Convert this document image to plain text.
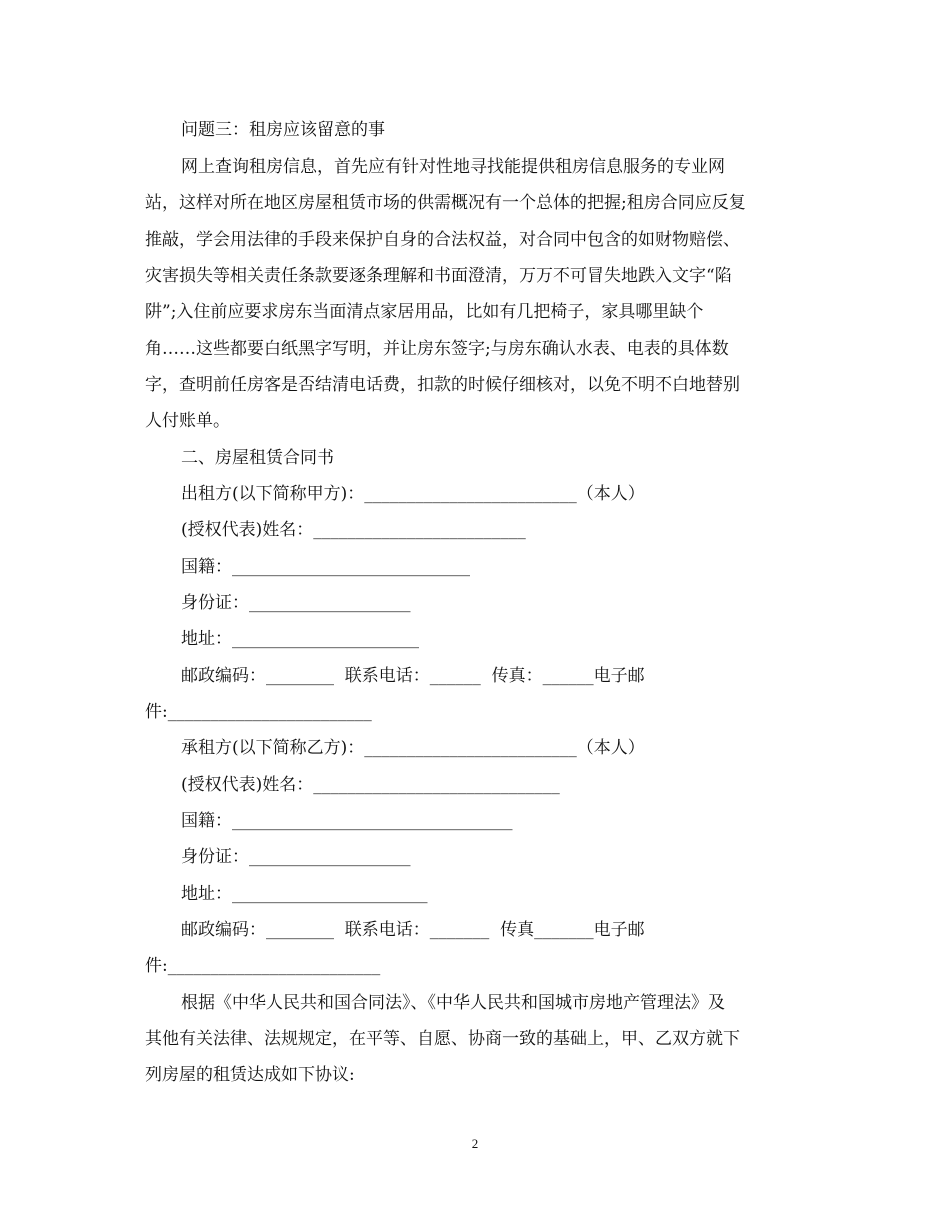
问题三：租房应该留意的事

网上查询租房信息，首先应有针对性地寻找能提供租房信息服务的专业网

站，这样对所在地区房屋租赁市场的供需概况有一个总体的把握;租房合同应反复

推敲，学会用法律的手段来保护自身的合法权益，对合同中包含的如财物赔偿、

灾害损失等相关责任条款要逐条理解和书面澄清，万万不可冒失地跌入文字“陷

阱”;入住前应要求房东当面清点家居用品，比如有几把椅子，家具哪里缺个

角……这些都要白纸黑字写明，并让房东签字;与房东确认水表、电表的具体数

字，查明前任房客是否结清电话费，扣款的时候仔细核对，以免不明不白地替别

人付账单。

二、房屋租赁合同书

出租方(以下简称甲方)：_________________________（本人）

(授权代表)姓名：_________________________

国籍：____________________________

身份证：___________________

地址：______________________

邮政编码：________  联系电话：______  传真：______电子邮

件:________________________

承租方(以下简称乙方)：_________________________（本人）

(授权代表)姓名：_____________________________

国籍：_________________________________

身份证：___________________

地址：_______________________

邮政编码：________  联系电话：_______  传真_______电子邮

件:_________________________

根据《中华人民共和国合同法》、《中华人民共和国城市房地产管理法》及

其他有关法律、法规规定，在平等、自愿、协商一致的基础上，甲、乙双方就下

列房屋的租赁达成如下协议:

2
